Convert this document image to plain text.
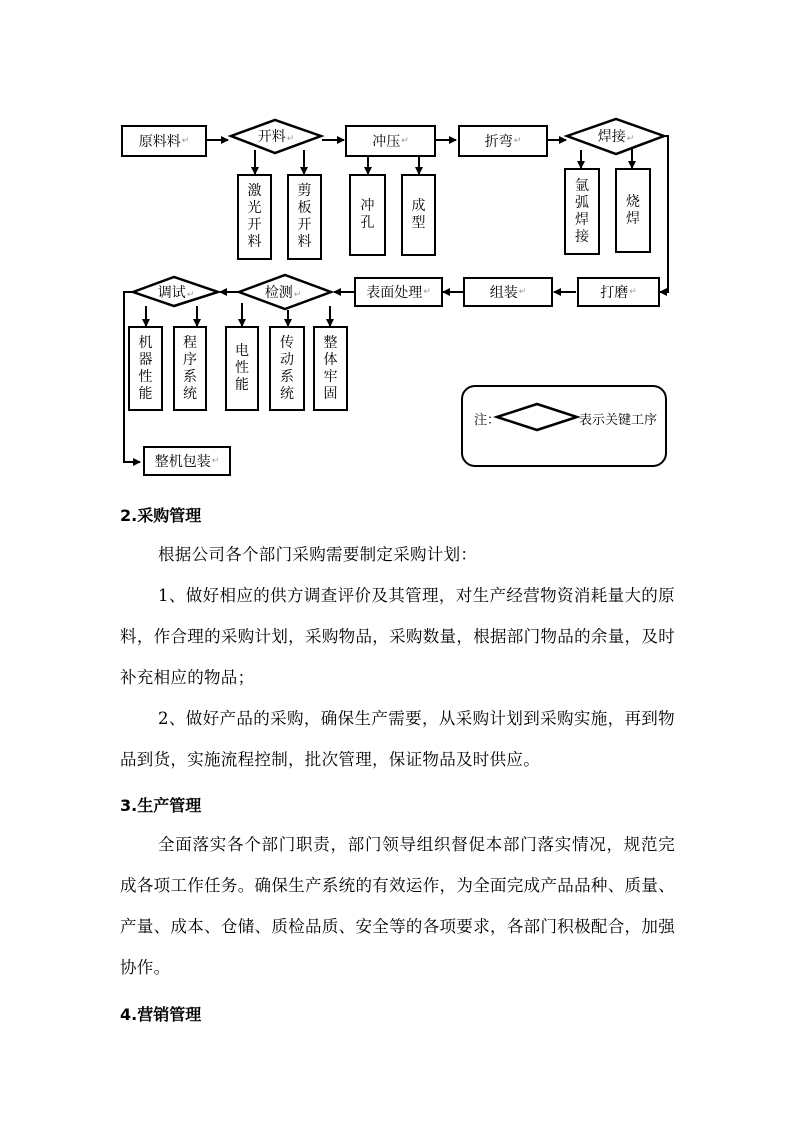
原料料 ↵	开料↵	冲压 ↵	折弯 ↵	焊接↵
激
光
开
料
剪
板
开
料
冲
孔
成
型
氩
弧
焊
接
烧
焊
打磨 ↵
组装 ↵
表面处理 ↵
检测↵
调试↵
机
器
性
能
程
序
系
统
电
性
能
传
动
系
统
整
体
牢
固
整机包装 ↵
注：	表示关键工序
2.采购管理

根据公司各个部门采购需要制定采购计划：

1、做好相应的供方调查评价及其管理，对生产经营物资消耗量大的原料，作合理的采购计划，采购物品，采购数量，根据部门物品的余量，及时补充相应的物品；

2、做好产品的采购，确保生产需要，从采购计划到采购实施，再到物品到货，实施流程控制，批次管理，保证物品及时供应。

3.生产管理

全面落实各个部门职责，部门领导组织督促本部门落实情况，规范完成各项工作任务。确保生产系统的有效运作，为全面完成产品品种、质量、产量、成本、仓储、质检品质、安全等的各项要求，各部门积极配合，加强协作。

4.营销管理
